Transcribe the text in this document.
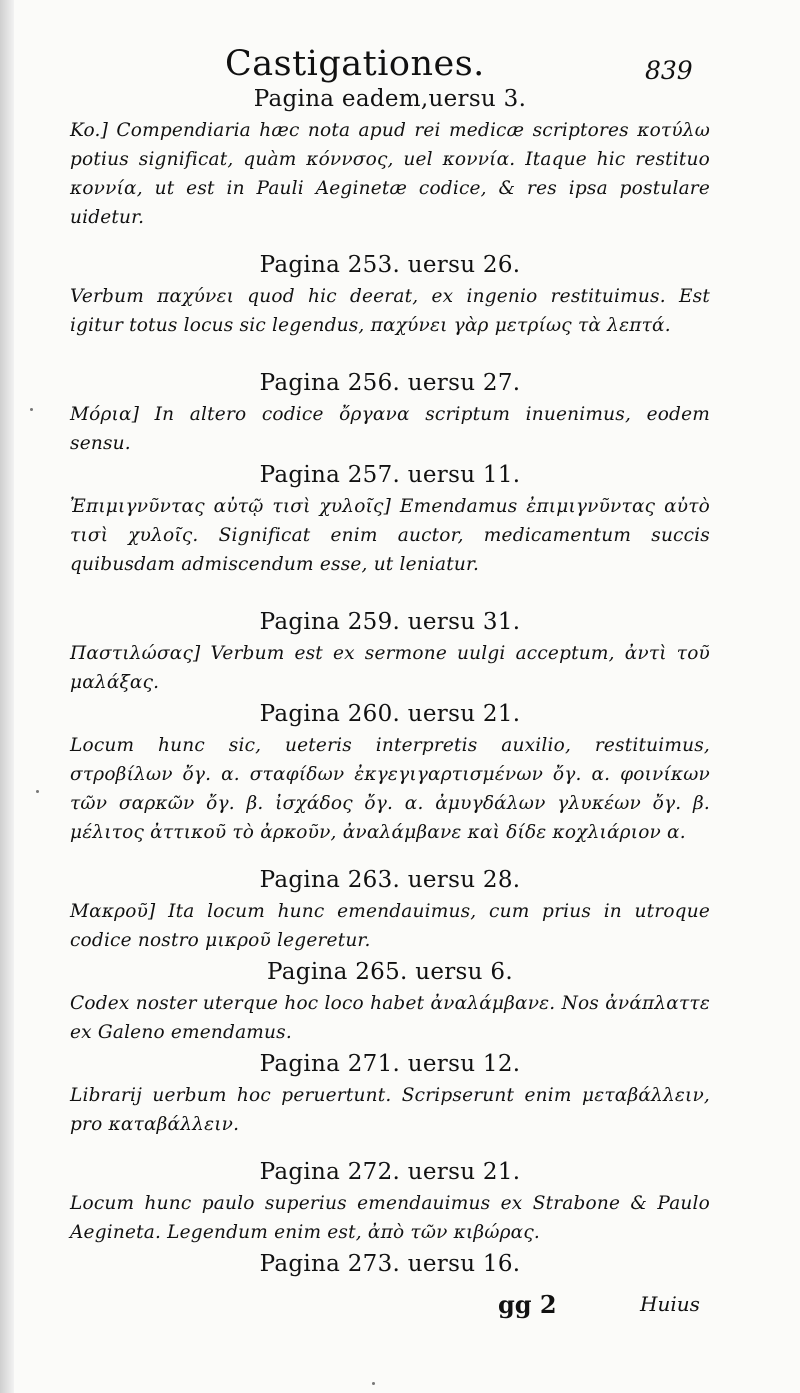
Castigationes.	839

Pagina eadem,uersu 3.

Ko.] Compendiaria hæc nota apud rei medicæ scriptores κοτύλω potius significat, quàm κόννσος, uel κοννία. Itaque hic restituo κοννία, ut est in Pauli Aeginetæ codice, & res ipsa postulare uidetur.

Pagina 253. uersu 26.

Verbum παχύνει quod hic deerat, ex ingenio restituimus. Est igitur totus locus sic legendus, παχύνει γὰρ μετρίως τὰ λεπτά.

Pagina 256. uersu 27.

Μόρια] In altero codice ὄργανα scriptum inuenimus, eodem sensu.

Pagina 257. uersu 11.

Ἐπιμιγνῦντας αὐτῷ τισὶ χυλοῖς] Emendamus ἐπιμιγνῦντας αὐτὸ τισὶ χυλοῖς. Significat enim auctor, medicamentum succis quibusdam admiscendum esse, ut leniatur.

Pagina 259. uersu 31.

Παστιλώσας] Verbum est ex sermone uulgi acceptum, ἀντὶ τοῦ μαλάξας.

Pagina 260. uersu 21.

Locum hunc sic, ueteris interpretis auxilio, restituimus, στροβίλων ὄγ. α. σταφίδων ἐκγεγιγαρτισμένων ὄγ. α. φοινίκων τῶν σαρκῶν ὄγ. β. ἰσχάδος ὄγ. α. ἀμυγδάλων γλυκέων ὄγ. β. μέλιτος ἀττικοῦ τὸ ἀρκοῦν, ἀναλάμβανε καὶ δίδε κοχλιάριον α.

Pagina 263. uersu 28.

Μακροῦ] Ita locum hunc emendauimus, cum prius in utroque codice nostro μικροῦ legeretur.

Pagina 265. uersu 6.

Codex noster uterque hoc loco habet ἀναλάμβανε. Nos ἀνάπλαττε ex Galeno emendamus.

Pagina 271. uersu 12.

Librarij uerbum hoc peruertunt. Scripserunt enim μεταβάλλειν, pro καταβάλλειν.

Pagina 272. uersu 21.

Locum hunc paulo superius emendauimus ex Strabone & Paulo Aegineta. Legendum enim est, ἀπὸ τῶν κιβώρας.

Pagina 273. uersu 16.

gg 2	Huius
